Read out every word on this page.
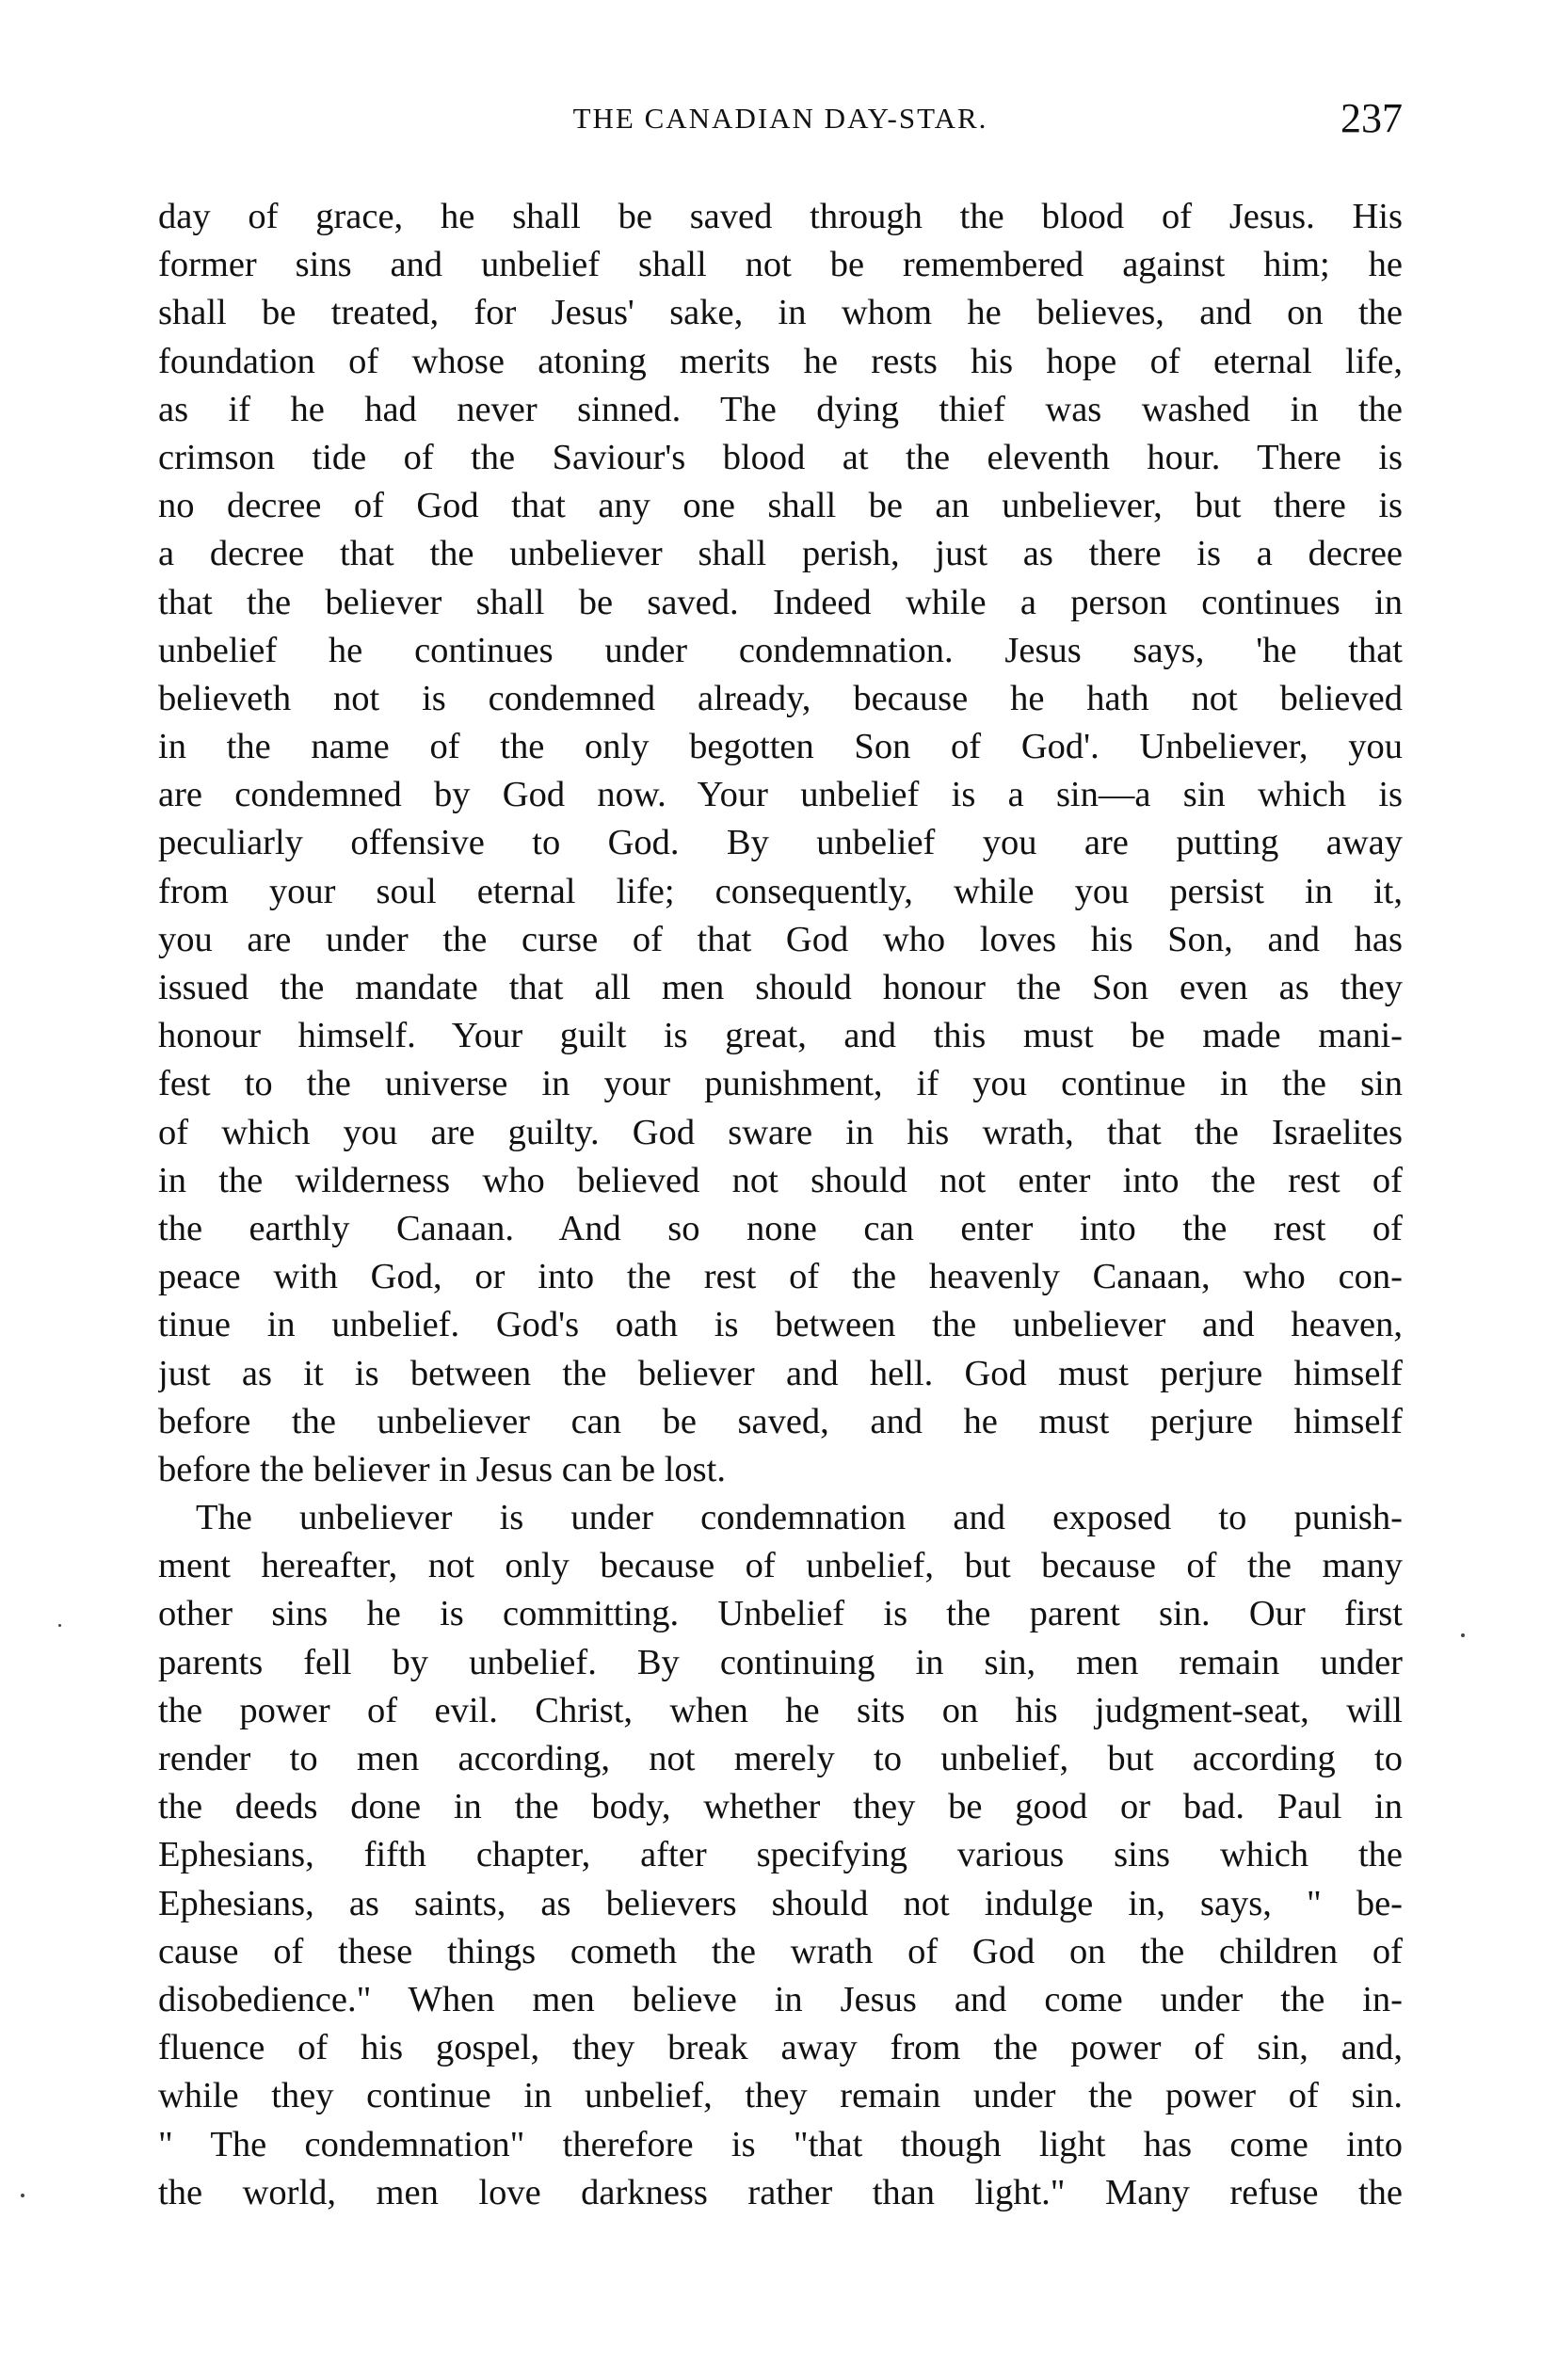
THE CANADIAN DAY-STAR.	237
day of grace, he shall be saved through the blood of Jesus. His
former sins and unbelief shall not be remembered against him; he
shall be treated, for Jesus' sake, in whom he believes, and on the
foundation of whose atoning merits he rests his hope of eternal life,
as if he had never sinned. The dying thief was washed in the
crimson tide of the Saviour's blood at the eleventh hour. There is
no decree of God that any one shall be an unbeliever, but there is
a decree that the unbeliever shall perish, just as there is a decree
that the believer shall be saved. Indeed while a person continues in
unbelief he continues under condemnation. Jesus says, 'he that
believeth not is condemned already, because he hath not believed
in the name of the only begotten Son of God'. Unbeliever, you
are condemned by God now. Your unbelief is a sin—a sin which is
peculiarly offensive to God. By unbelief you are putting away
from your soul eternal life; consequently, while you persist in it,
you are under the curse of that God who loves his Son, and has
issued the mandate that all men should honour the Son even as they
honour himself. Your guilt is great, and this must be made mani-
fest to the universe in your punishment, if you continue in the sin
of which you are guilty. God sware in his wrath, that the Israelites
in the wilderness who believed not should not enter into the rest of
the earthly Canaan. And so none can enter into the rest of
peace with God, or into the rest of the heavenly Canaan, who con-
tinue in unbelief. God's oath is between the unbeliever and heaven,
just as it is between the believer and hell. God must perjure himself
before the unbeliever can be saved, and he must perjure himself
before the believer in Jesus can be lost.
The unbeliever is under condemnation and exposed to punish-
ment hereafter, not only because of unbelief, but because of the many
other sins he is committing. Unbelief is the parent sin. Our first
parents fell by unbelief. By continuing in sin, men remain under
the power of evil. Christ, when he sits on his judgment-seat, will
render to men according, not merely to unbelief, but according to
the deeds done in the body, whether they be good or bad. Paul in
Ephesians, fifth chapter, after specifying various sins which the
Ephesians, as saints, as believers should not indulge in, says, " be-
cause of these things cometh the wrath of God on the children of
disobedience." When men believe in Jesus and come under the in-
fluence of his gospel, they break away from the power of sin, and,
while they continue in unbelief, they remain under the power of sin.
" The condemnation" therefore is "that though light has come into
the world, men love darkness rather than light." Many refuse the
